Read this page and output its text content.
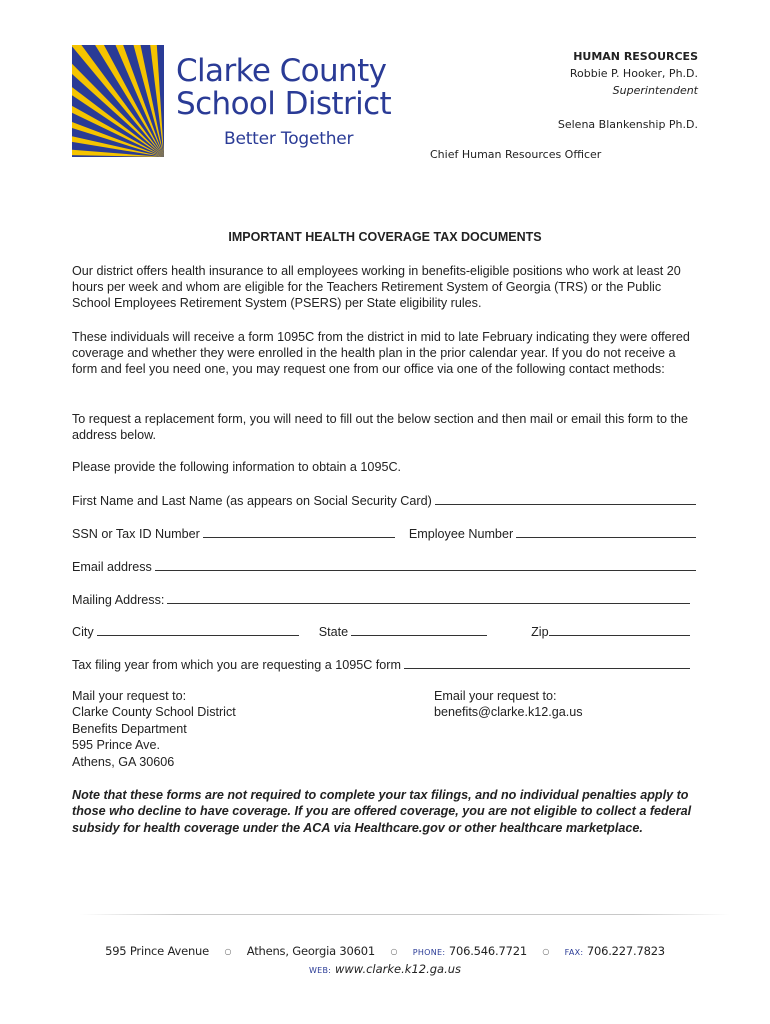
Clarke County
School District
Better Together
HUMAN RESOURCES
Robbie P. Hooker, Ph.D.
Superintendent
Selena Blankenship Ph.D.
Chief Human Resources Officer
IMPORTANT HEALTH COVERAGE TAX DOCUMENTS
Our district offers health insurance to all employees working in benefits-eligible positions who work at least 20 hours per week and whom are eligible for the Teachers Retirement System of Georgia (TRS) or the Public School Employees Retirement System (PSERS) per State eligibility rules.
These individuals will receive a form 1095C from the district in mid to late February indicating they were offered coverage and whether they were enrolled in the health plan in the prior calendar year. If you do not receive a form and feel you need one, you may request one from our office via one of the following contact methods:
To request a replacement form, you will need to fill out the below section and then mail or email this form to the address below.
Please provide the following information to obtain a 1095C.
First Name and Last Name (as appears on Social Security Card)
SSN or Tax ID Number	Employee Number
Email address
Mailing Address:
City	State	Zip
Tax filing year from which you are requesting a 1095C form
Mail your request to:
Clarke County School District
Benefits Department
595 Prince Ave.
Athens, GA 30606
Email your request to:
benefits@clarke.k12.ga.us
Note that these forms are not required to complete your tax filings, and no individual penalties apply to those who decline to have coverage. If you are offered coverage, you are not eligible to collect a federal subsidy for health coverage under the ACA via Healthcare.gov or other healthcare marketplace.
595 Prince Avenue ○ Athens, Georgia 30601 ○ PHONE: 706.546.7721 ○ FAX: 706.227.7823
WEB: www.clarke.k12.ga.us
